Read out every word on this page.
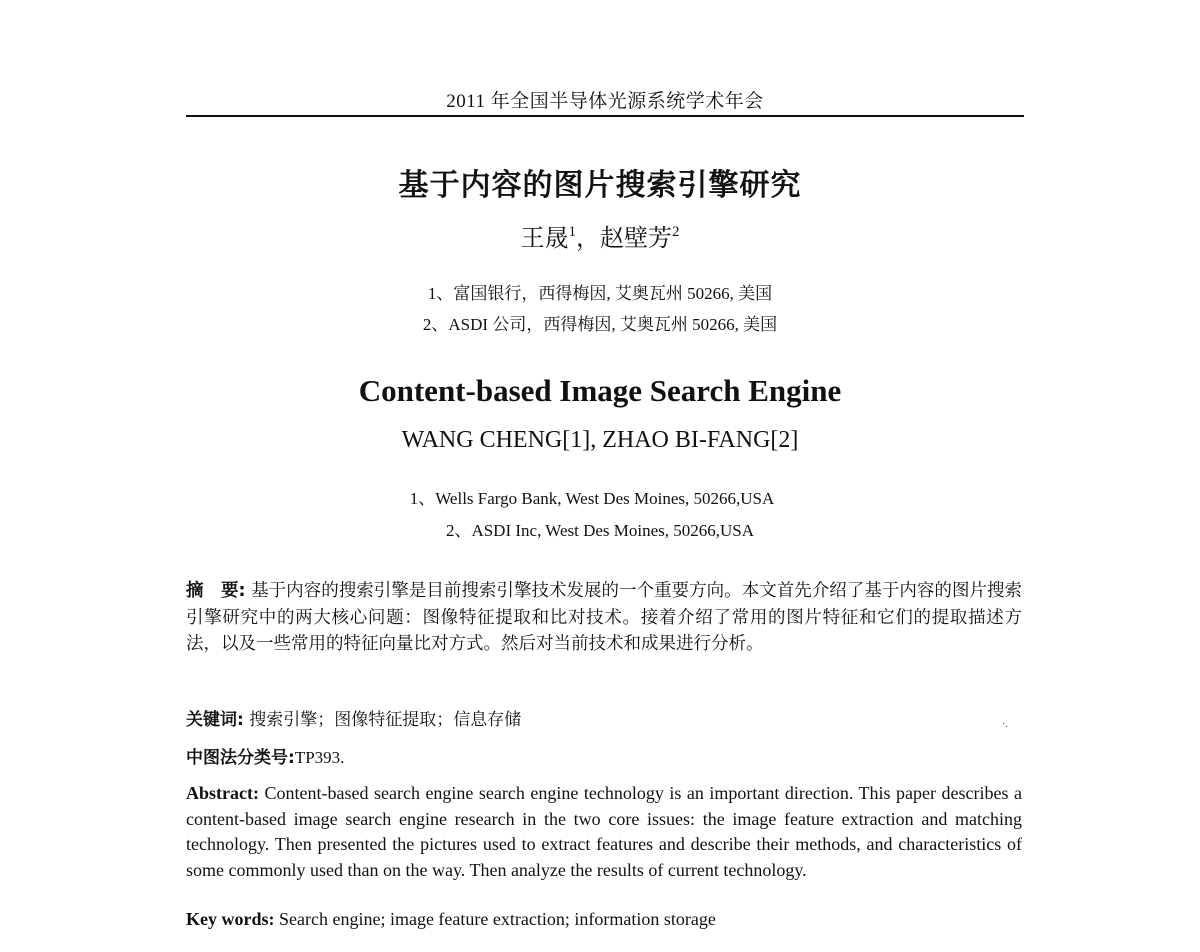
2011 年全国半导体光源系统学术年会
基于内容的图片搜索引擎研究
王晟$^1$，赵壁芳$^2$
1、富国银行，西得梅因, 艾奥瓦州 50266, 美国
2、ASDI 公司，西得梅因, 艾奥瓦州 50266, 美国
Content-based Image Search Engine
WANG CHENG[1], ZHAO BI-FANG[2]
1、Wells Fargo Bank, West Des Moines, 50266,USA
2、ASDI Inc, West Des Moines, 50266,USA
摘　要: 基于内容的搜索引擎是目前搜索引擎技术发展的一个重要方向。本文首先介绍了基于内容的图片搜索引擎研究中的两大核心问题：图像特征提取和比对技术。接着介绍了常用的图片特征和它们的提取描述方法，以及一些常用的特征向量比对方式。然后对当前技术和成果进行分析。
关键词: 搜索引擎；图像特征提取；信息存储	·.
中图法分类号:TP393.
Abstract: Content-based search engine search engine technology is an important direction. This paper describes a content-based image search engine research in the two core issues: the image feature extraction and matching technology. Then presented the pictures used to extract features and describe their methods, and characteristics of some commonly used than on the way. Then analyze the results of current technology.
Key words: Search engine; image feature extraction; information storage
